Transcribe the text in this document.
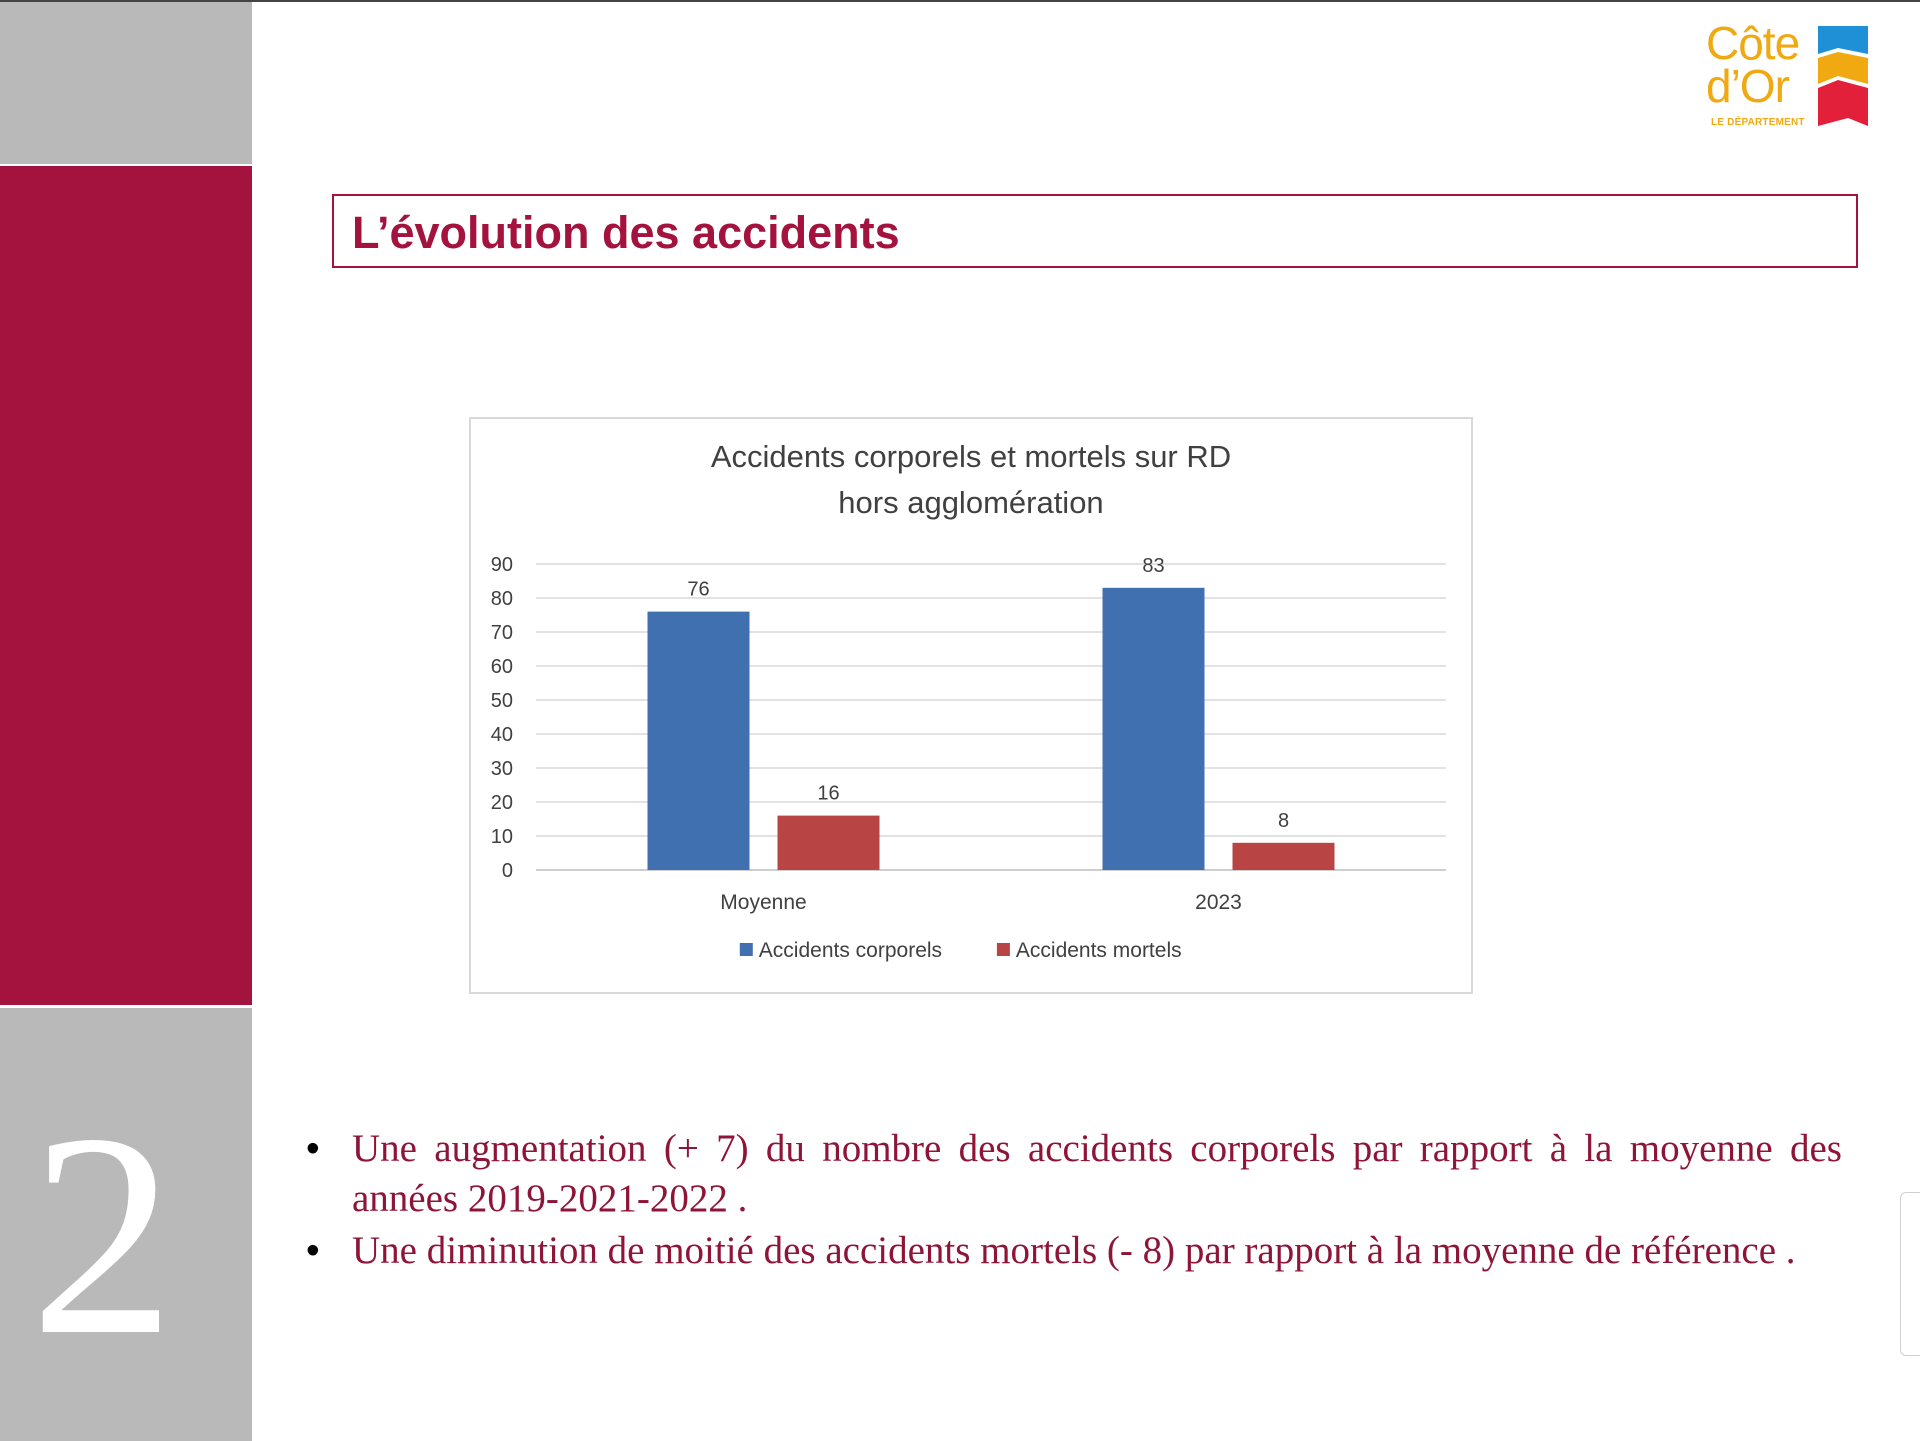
2
Côte
d’Or
LE DÉPARTEMENT
L’évolution des accidents
Accidents corporels et mortels sur RD
hors agglomération
0
10
20
30
40
50
60
70
80
90
76
16
Moyenne
83
8
2023
Accidents corporels	Accidents mortels
• Une augmentation (+ 7) du nombre des accidents corporels par rapport à la moyenne des années 2019-2021-2022 .
• Une diminution de moitié des accidents mortels (- 8) par rapport à la moyenne de référence .
